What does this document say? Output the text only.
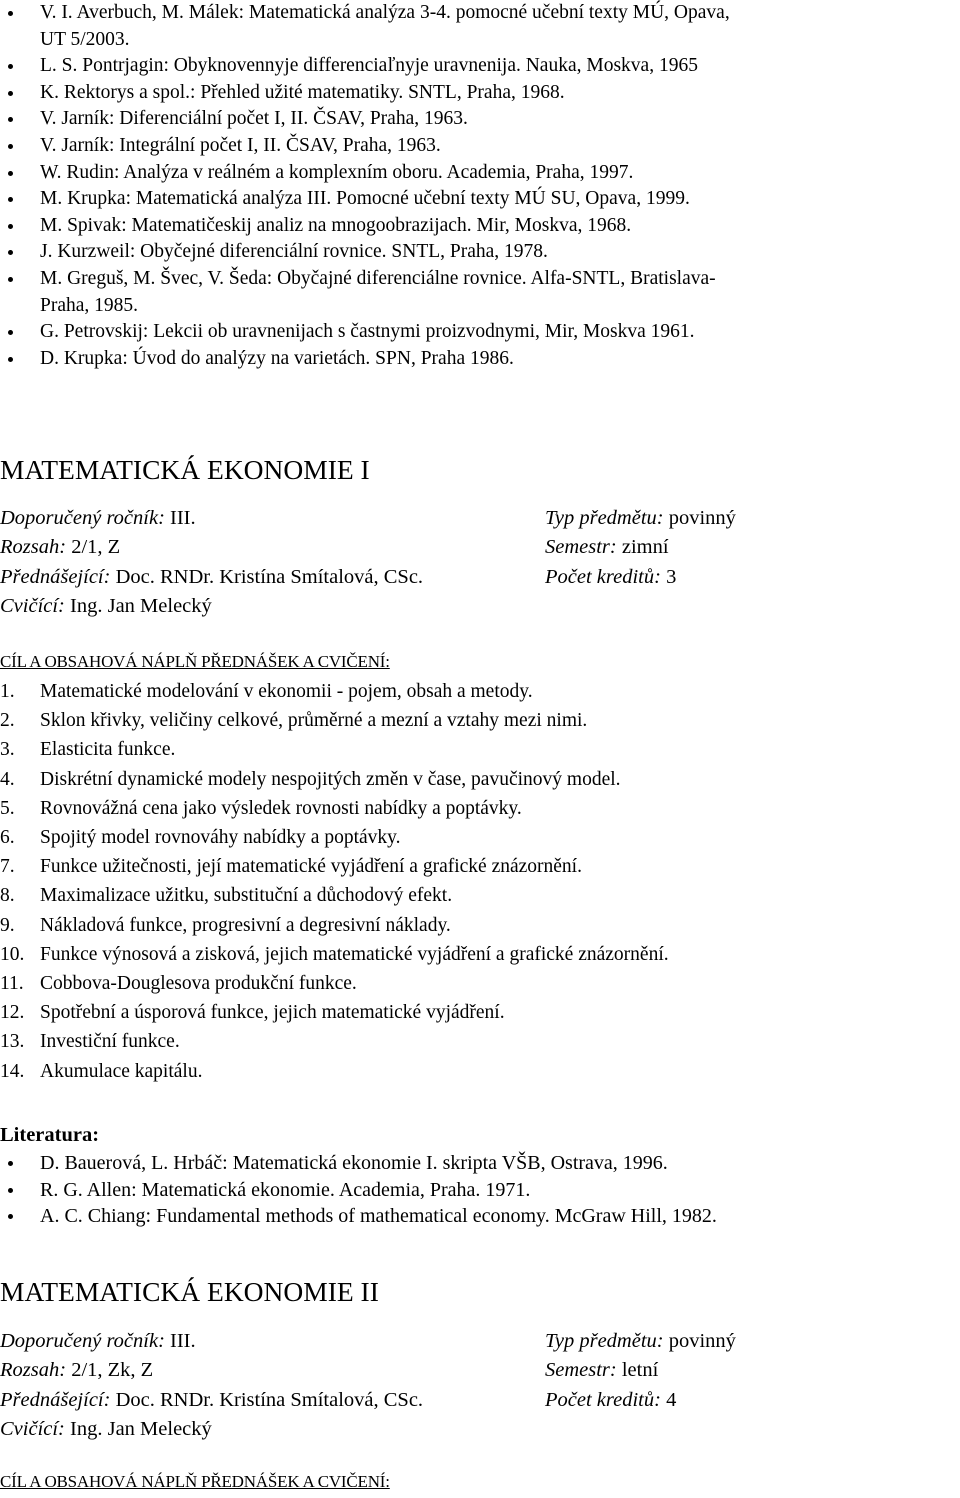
V. I. Averbuch, M. Málek: Matematická analýza 3-4. pomocné učební texty MÚ, Opava,
UT 5/2003.
L. S. Pontrjagin: Obyknovennyje differenciaľnyje uravnenija. Nauka, Moskva, 1965
K. Rektorys a spol.: Přehled užité matematiky. SNTL, Praha, 1968.
V. Jarník: Diferenciální počet I, II. ČSAV, Praha, 1963.
V. Jarník: Integrální počet I, II. ČSAV, Praha, 1963.
W. Rudin: Analýza v reálném a komplexním oboru. Academia, Praha, 1997.
M. Krupka: Matematická analýza III. Pomocné učební texty MÚ SU, Opava, 1999.
M. Spivak: Matematičeskij analiz na mnogoobrazijach. Mir, Moskva, 1968.
J. Kurzweil: Obyčejné diferenciální rovnice. SNTL, Praha, 1978.
M. Greguš, M. Švec, V. Šeda: Obyčajné diferenciálne rovnice. Alfa-SNTL, Bratislava-
Praha, 1985.
G. Petrovskij: Lekcii ob uravnenijach s častnymi proizvodnymi, Mir, Moskva 1961.
D. Krupka: Úvod do analýzy na varietách. SPN, Praha 1986.
MATEMATICKÁ EKONOMIE I
Doporučený ročník: III.	Typ předmětu: povinný
Rozsah: 2/1, Z	Semestr: zimní
Přednášející: Doc. RNDr. Kristína Smítalová, CSc.	Počet kreditů: 3
Cvičící: Ing. Jan Melecký
CÍL A OBSAHOVÁ NÁPLŇ PŘEDNÁŠEK A CVIČENÍ:
1. Matematické modelování v ekonomii - pojem, obsah a metody.
2. Sklon křivky, veličiny celkové, průměrné a mezní a vztahy mezi nimi.
3. Elasticita funkce.
4. Diskrétní dynamické modely nespojitých změn v čase, pavučinový model.
5. Rovnovážná cena jako výsledek rovnosti nabídky a poptávky.
6. Spojitý model rovnováhy nabídky a poptávky.
7. Funkce užitečnosti, její matematické vyjádření a grafické znázornění.
8. Maximalizace užitku, substituční a důchodový efekt.
9. Nákladová funkce, progresivní a degresivní náklady.
10. Funkce výnosová a zisková, jejich matematické vyjádření a grafické znázornění.
11. Cobbova-Douglesova produkční funkce.
12. Spotřební a úsporová funkce, jejich matematické vyjádření.
13. Investiční funkce.
14. Akumulace kapitálu.
Literatura:
D. Bauerová, L. Hrbáč: Matematická ekonomie I. skripta VŠB, Ostrava, 1996.
R. G. Allen: Matematická ekonomie. Academia, Praha. 1971.
A. C. Chiang: Fundamental methods of mathematical economy. McGraw Hill, 1982.
MATEMATICKÁ EKONOMIE II
Doporučený ročník: III.	Typ předmětu: povinný
Rozsah: 2/1, Zk, Z	Semestr: letní
Přednášející: Doc. RNDr. Kristína Smítalová, CSc.	Počet kreditů: 4
Cvičící: Ing. Jan Melecký
CÍL A OBSAHOVÁ NÁPLŇ PŘEDNÁŠEK A CVIČENÍ:
